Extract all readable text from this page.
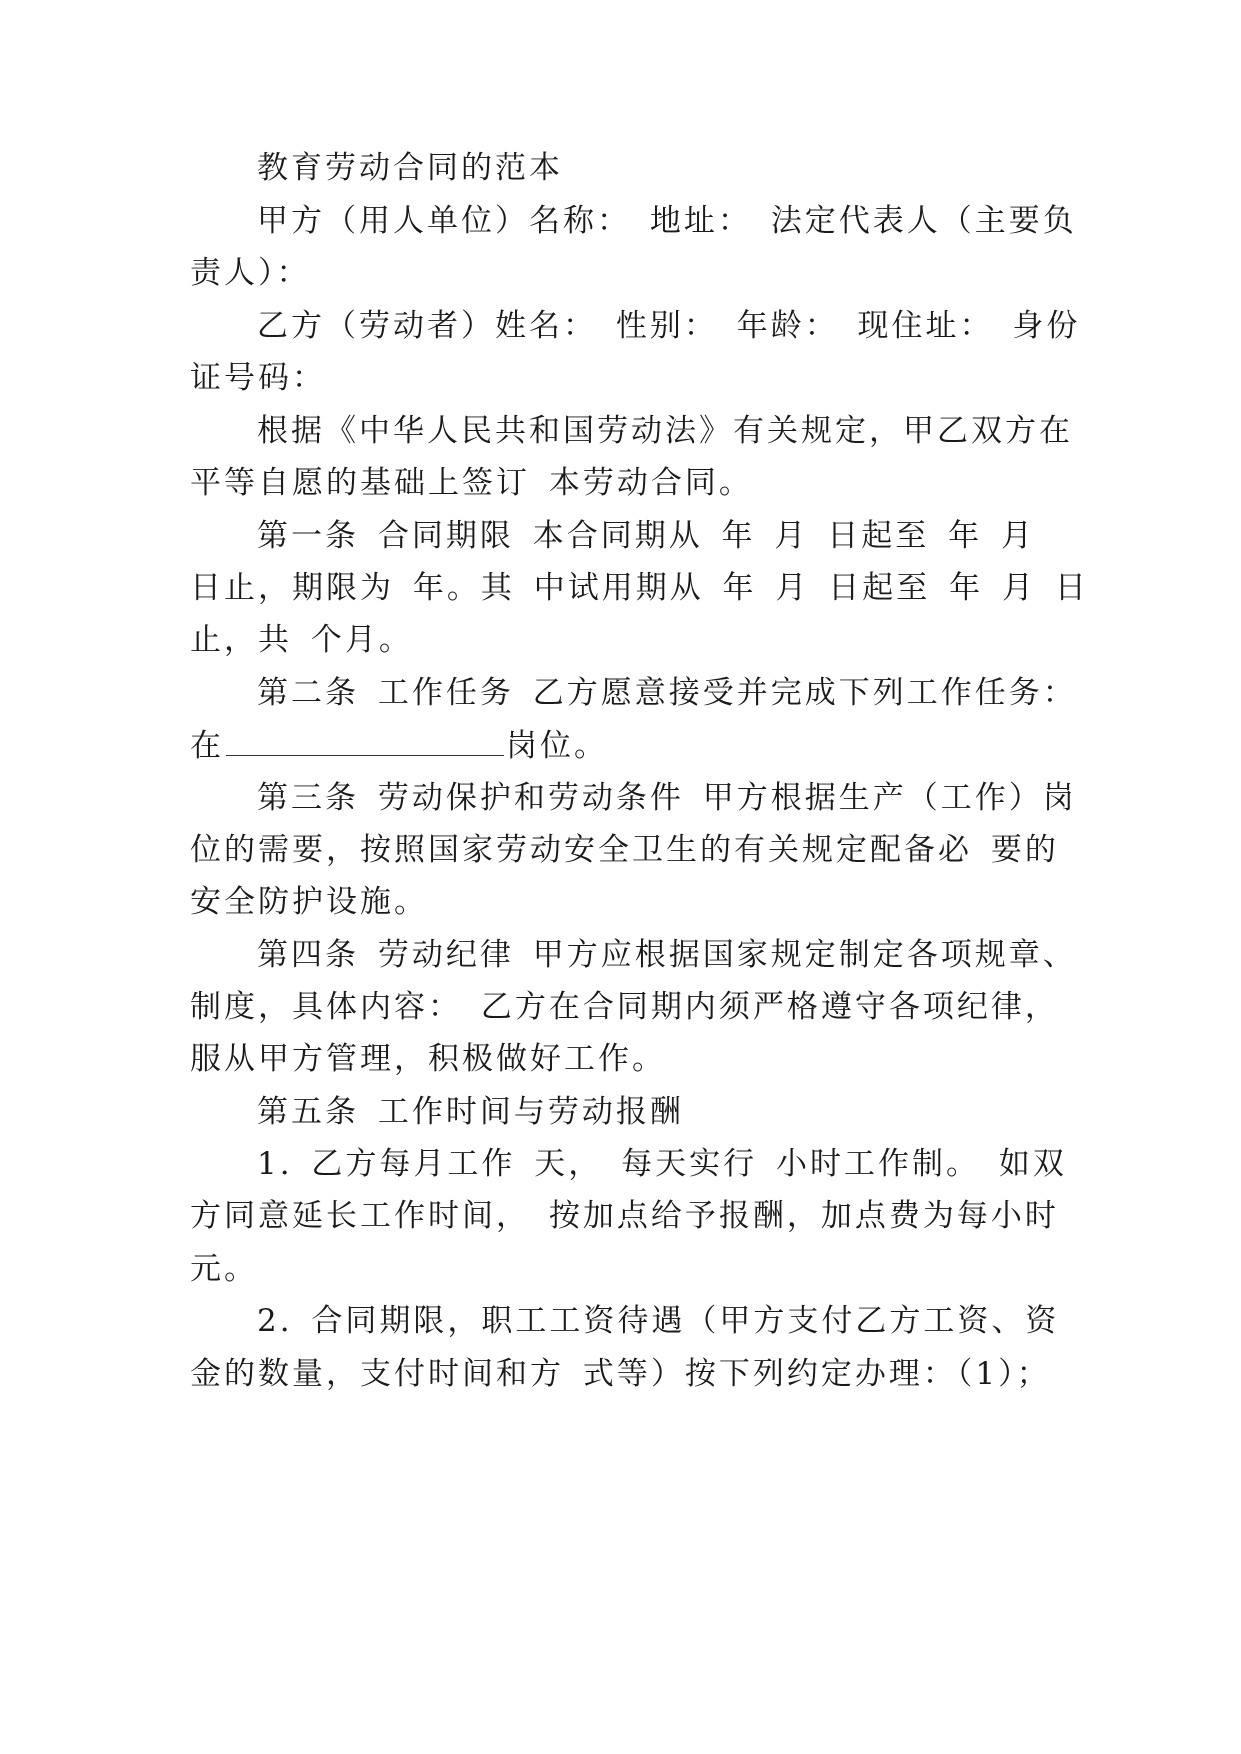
教育劳动合同的范本
甲方（用人单位）名称： 地址： 法定代表人（主要负
责人）：
乙方（劳动者）姓名： 性别： 年龄： 现住址： 身份
证号码：
根据《中华人民共和国劳动法》有关规定，甲乙双方在
平等自愿的基础上签订 本劳动合同。
第一条 合同期限 本合同期从 年 月 日起至 年 月
日止，期限为 年。其 中试用期从 年 月 日起至 年 月 日
止，共 个月。
第二条 工作任务 乙方愿意接受并完成下列工作任务：
在	岗位。
第三条 劳动保护和劳动条件 甲方根据生产（工作）岗
位的需要，按照国家劳动安全卫生的有关规定配备必 要的
安全防护设施。
第四条 劳动纪律 甲方应根据国家规定制定各项规章、
制度，具体内容： 乙方在合同期内须严格遵守各项纪律，
服从甲方管理，积极做好工作。
第五条 工作时间与劳动报酬
1. 乙方每月工作 天， 每天实行 小时工作制。 如双
方同意延长工作时间， 按加点给予报酬，加点费为每小时
元。
2. 合同期限，职工工资待遇（甲方支付乙方工资、资
金的数量，支付时间和方 式等）按下列约定办理：（1）；
